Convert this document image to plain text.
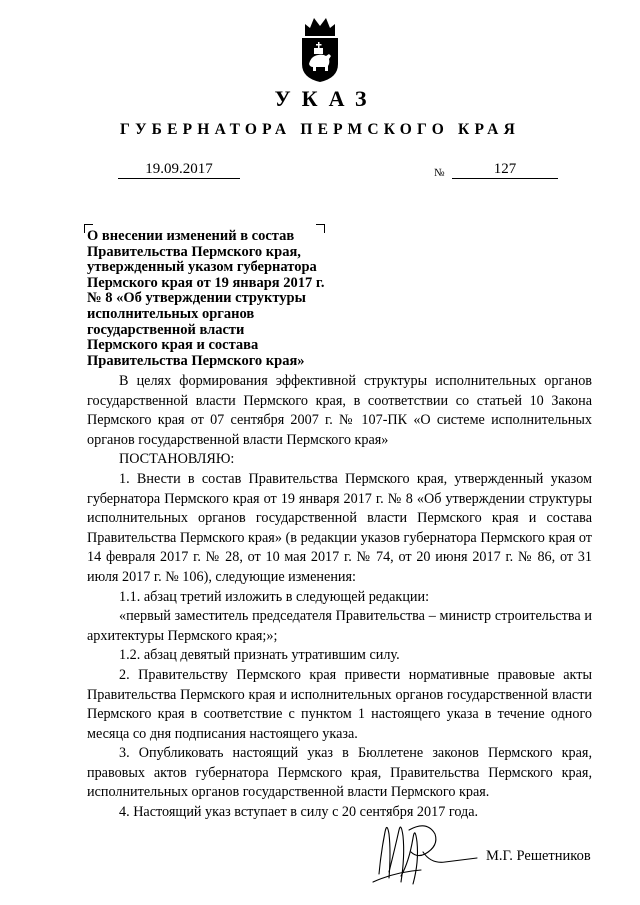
УКАЗ
ГУБЕРНАТОРА ПЕРМСКОГО КРАЯ
19.09.2017	№	127
О внесении изменений в состав
Правительства Пермского края,
утвержденный указом губернатора
Пермского края от 19 января 2017 г.
№ 8 «Об утверждении структуры
исполнительных органов
государственной власти
Пермского края и состава
Правительства Пермского края»

В целях формирования эффективной структуры исполнительных органов государственной власти Пермского края, в соответствии со статьей 10 Закона Пермского края от 07 сентября 2007 г. № 107-ПК «О системе исполнительных органов государственной власти Пермского края»

ПОСТАНОВЛЯЮ:

1. Внести в состав Правительства Пермского края, утвержденный указом губернатора Пермского края от 19 января 2017 г. № 8 «Об утверждении структуры исполнительных органов государственной власти Пермского края и состава Правительства Пермского края» (в редакции указов губернатора Пермского края от 14 февраля 2017 г. № 28, от 10 мая 2017 г. № 74, от 20 июня 2017 г. № 86, от 31 июля 2017 г. № 106), следующие изменения:

1.1. абзац третий изложить в следующей редакции:

«первый заместитель председателя Правительства – министр строительства и архитектуры Пермского края;»;

1.2. абзац девятый признать утратившим силу.

2. Правительству Пермского края привести нормативные правовые акты Правительства Пермского края и исполнительных органов государственной власти Пермского края в соответствие с пунктом 1 настоящего указа в течение одного месяца со дня подписания настоящего указа.

3. Опубликовать настоящий указ в Бюллетене законов Пермского края, правовых актов губернатора Пермского края, Правительства Пермского края, исполнительных органов государственной власти Пермского края.

4. Настоящий указ вступает в силу с 20 сентября 2017 года.

М.Г. Решетников
